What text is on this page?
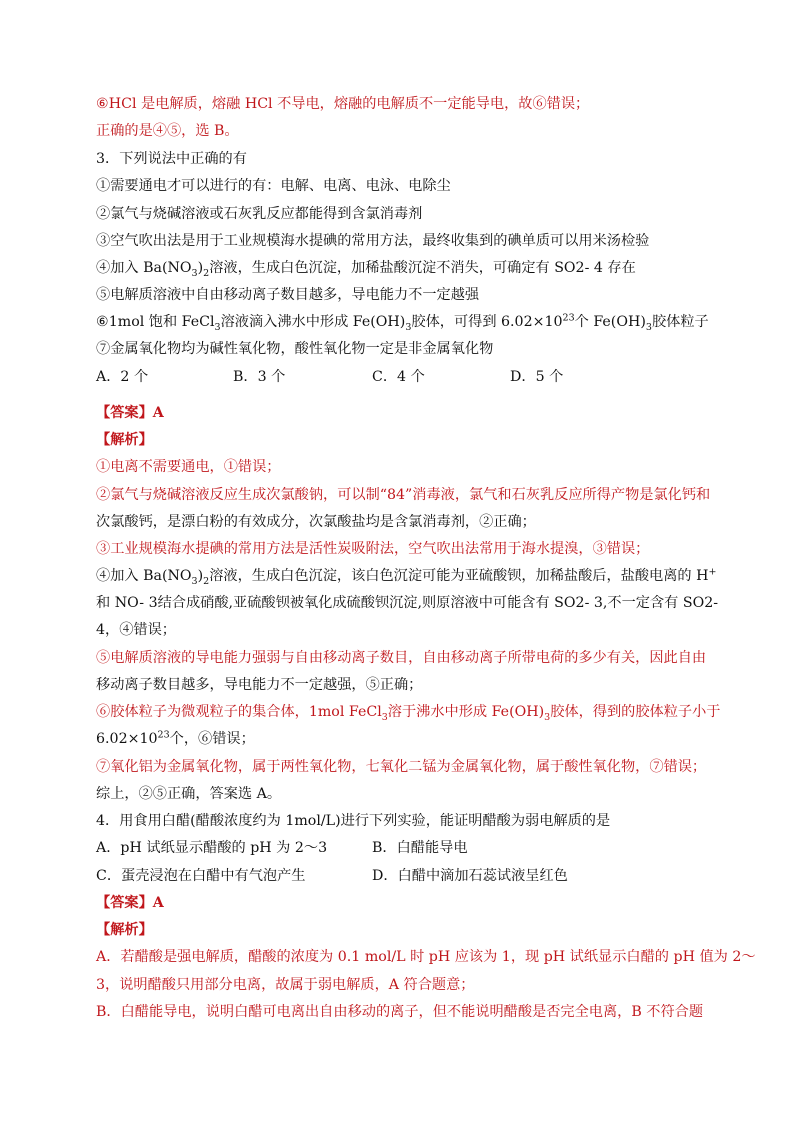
⑥HCl 是电解质，熔融 HCl 不导电，熔融的电解质不一定能导电，故⑥错误；
正确的是④⑤，选 B。
3．下列说法中正确的有
①需要通电才可以进行的有：电解、电离、电泳、电除尘
②氯气与烧碱溶液或石灰乳反应都能得到含氯消毒剂
③空气吹出法是用于工业规模海水提碘的常用方法，最终收集到的碘单质可以用米汤检验
④加入 $Ba(NO_3)_2$溶液，生成白色沉淀，加稀盐酸沉淀不消失，可确定有 SO2- 4 存在
⑤电解质溶液中自由移动离子数目越多，导电能力不一定越强
⑥1mol 饱和 FeCl$_3$溶液滴入沸水中形成 $Fe(OH)_3$胶体，可得到 $6.02\times 10^{23}$个 $Fe(OH)_3$胶体粒子
⑦金属氧化物均为碱性氧化物，酸性氧化物一定是非金属氧化物
A．2 个	B．3 个	C．4 个	D．5 个
【答案】A
【解析】
①电离不需要通电，①错误；
②氯气与烧碱溶液反应生成次氯酸钠，可以制“84”消毒液，氯气和石灰乳反应所得产物是氯化钙和
次氯酸钙，是漂白粉的有效成分，次氯酸盐均是含氯消毒剂，②正确；
③工业规模海水提碘的常用方法是活性炭吸附法，空气吹出法常用于海水提溴，③错误；
④加入 $Ba(NO_3)_2$溶液，生成白色沉淀，该白色沉淀可能为亚硫酸钡，加稀盐酸后，盐酸电离的 H+
和 NO- 3结合成硝酸,亚硫酸钡被氧化成硫酸钡沉淀,则原溶液中可能含有 SO2- 3,不一定含有 SO2-
4，④错误；
⑤电解质溶液的导电能力强弱与自由移动离子数目，自由移动离子所带电荷的多少有关，因此自由
移动离子数目越多，导电能力不一定越强，⑤正确；
⑥胶体粒子为微观粒子的集合体，1mol FeCl$_3$溶于沸水中形成 $Fe(OH)_3$胶体，得到的胶体粒子小于
$6.02\times 10^{23}$个，⑥错误；
⑦氧化铝为金属氧化物，属于两性氧化物，七氧化二锰为金属氧化物，属于酸性氧化物，⑦错误；
综上，②⑤正确，答案选 A。
4．用食用白醋(醋酸浓度约为 1mol/L)进行下列实验，能证明醋酸为弱电解质的是
A．pH 试纸显示醋酸的 pH 为 2～3	B．白醋能导电
C．蛋壳浸泡在白醋中有气泡产生	D．白醋中滴加石蕊试液呈红色
【答案】A
【解析】
A．若醋酸是强电解质，醋酸的浓度为 0.1 mol/L 时 pH 应该为 1，现 pH 试纸显示白醋的 pH 值为 2～
3，说明醋酸只用部分电离，故属于弱电解质，A 符合题意；
B．白醋能导电，说明白醋可电离出自由移动的离子，但不能说明醋酸是否完全电离，B 不符合题
